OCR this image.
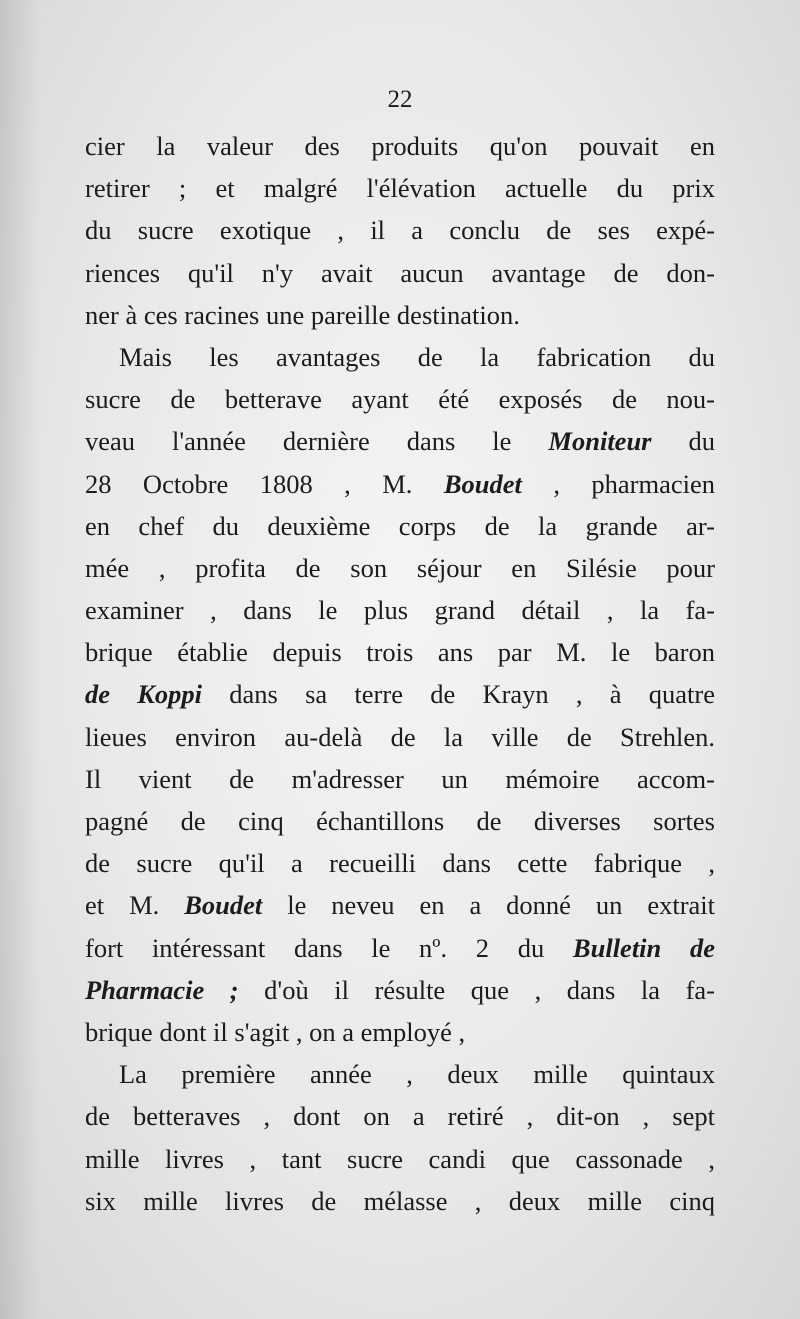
22
cier la valeur des produits qu'on pouvait en
retirer ; et malgré l'élévation actuelle du prix
du sucre exotique , il a conclu de ses expé-
riences qu'il n'y avait aucun avantage de don-
ner à ces racines une pareille destination.
Mais les avantages de la fabrication du
sucre de betterave ayant été exposés de nou-
veau l'année dernière dans le Moniteur du
28 Octobre 1808 , M. Boudet , pharmacien
en chef du deuxième corps de la grande ar-
mée , profita de son séjour en Silésie pour
examiner , dans le plus grand détail , la fa-
brique établie depuis trois ans par M. le baron
de Koppi dans sa terre de Krayn , à quatre
lieues environ au-delà de la ville de Strehlen.
Il vient de m'adresser un mémoire accom-
pagné de cinq échantillons de diverses sortes
de sucre qu'il a recueilli dans cette fabrique ,
et M. Boudet le neveu en a donné un extrait
fort intéressant dans le nº. 2 du Bulletin de
Pharmacie ; d'où il résulte que , dans la fa-
brique dont il s'agit , on a employé ,
La première année , deux mille quintaux
de betteraves , dont on a retiré , dit-on , sept
mille livres , tant sucre candi que cassonade ,
six mille livres de mélasse , deux mille cinq
